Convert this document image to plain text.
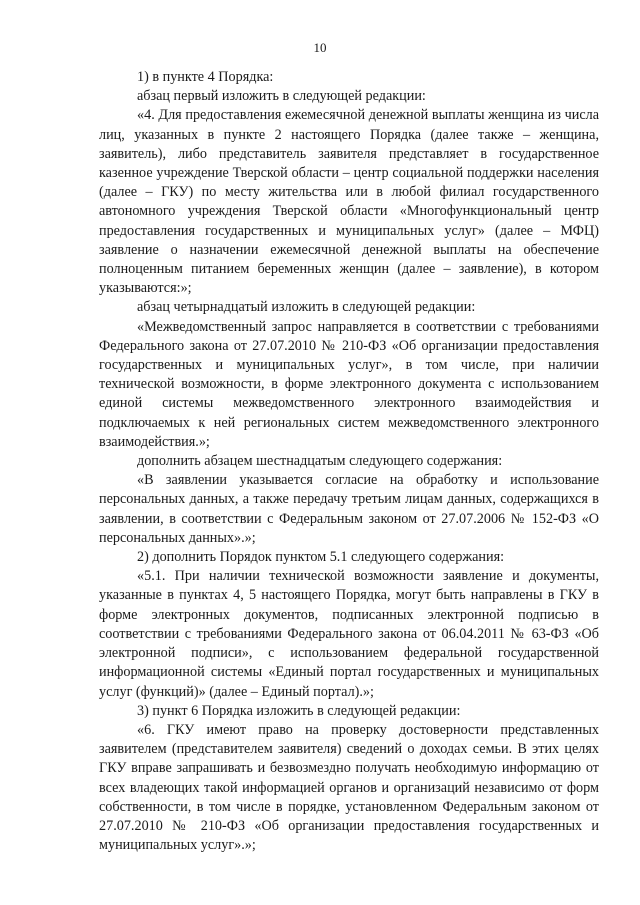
10

1) в пункте 4 Порядка:

абзац первый изложить в следующей редакции:

«4. Для предоставления ежемесячной денежной выплаты женщина из числа лиц, указанных в пункте 2 настоящего Порядка (далее также – женщина, заявитель), либо представитель заявителя представляет в государственное казенное учреждение Тверской области – центр социальной поддержки населения (далее – ГКУ) по месту жительства или в любой филиал государственного автономного учреждения Тверской области «Многофункциональный центр предоставления государственных и муниципальных услуг» (далее – МФЦ) заявление о назначении ежемесячной денежной выплаты на обеспечение полноценным питанием беременных женщин (далее – заявление), в котором указываются:»;

абзац четырнадцатый изложить в следующей редакции:

«Межведомственный запрос направляется в соответствии с требованиями Федерального закона от 27.07.2010 № 210-ФЗ «Об организации предоставления государственных и муниципальных услуг», в том числе, при наличии технической возможности, в форме электронного документа с использованием единой системы межведомственного электронного взаимодействия и подключаемых к ней региональных систем межведомственного электронного взаимодействия.»;

дополнить абзацем шестнадцатым следующего содержания:

«В заявлении указывается согласие на обработку и использование персональных данных, а также передачу третьим лицам данных, содержащихся в заявлении, в соответствии с Федеральным законом от 27.07.2006 № 152-ФЗ «О персональных данных».»;

2) дополнить Порядок пунктом 5.1 следующего содержания:

«5.1. При наличии технической возможности заявление и документы, указанные в пунктах 4, 5 настоящего Порядка, могут быть направлены в ГКУ в форме электронных документов, подписанных электронной подписью в соответствии с требованиями Федерального закона от 06.04.2011 № 63-ФЗ «Об электронной подписи», с использованием федеральной государственной информационной системы «Единый портал государственных и муниципальных услуг (функций)» (далее – Единый портал).»;

3) пункт 6 Порядка изложить в следующей редакции:

«6. ГКУ имеют право на проверку достоверности представленных заявителем (представителем заявителя) сведений о доходах семьи. В этих целях ГКУ вправе запрашивать и безвозмездно получать необходимую информацию от всех владеющих такой информацией органов и организаций независимо от форм собственности, в том числе в порядке, установленном Федеральным законом от 27.07.2010 № 210-ФЗ «Об организации предоставления государственных и муниципальных услуг».»;
